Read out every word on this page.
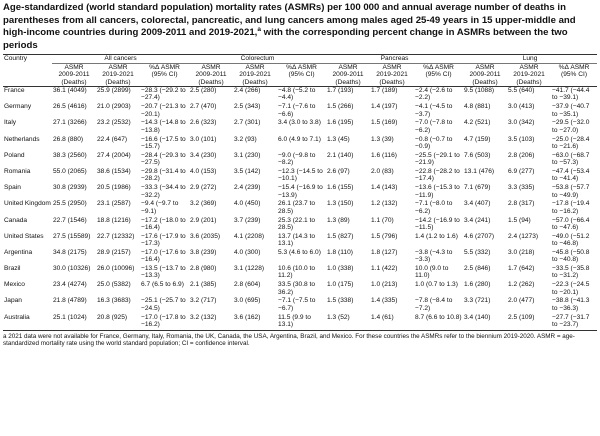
Age-standardized (world standard population) mortality rates (ASMRs) per 100 000 and annual average number of deaths in parentheses from all cancers, colorectal, pancreatic, and lung cancers among males aged 25-49 years in 15 upper-middle and high-income countries during 2009-2011 and 2019-2021,$^a$ with the corresponding percent change in ASMRs between the two periods
Country	All cancers			Colorectum			Pancreas			Lung		
	ASMR	ASMR	%Δ ASMR	ASMR	ASMR	%Δ ASMR	ASMR	ASMR	%Δ ASMR	ASMR	ASMR	%Δ ASMR
	2009-2011	2019-2021	(95% CI)	2009-2011	2019-2021	(95% CI)	2009-2011	2019-2021	(95% CI)	2009-2011	2019-2021	(95% CI)
	(Deaths)	(Deaths)		(Deaths)	(Deaths)		(Deaths)	(Deaths)		(Deaths)	(Deaths)	
France	36.1 (4049)	25.9 (2899)	−28.3 (−29.2 to −27.4)	2.5 (280)	2.4 (266)	−4.8 (−5.2 to −4.4)	1.7 (193)	1.7 (189)	−2.4 (−2.6 to −2.2)	9.5 (1088)	5.5 (640)	−41.7 (−44.4 to −39.1)
Germany	26.5 (4616)	21.0 (2903)	−20.7 (−21.3 to −20.1)	2.7 (470)	2.5 (343)	−7.1 (−7.6 to −6.6)	1.5 (266)	1.4 (197)	−4.1 (−4.5 to −3.7)	4.8 (881)	3.0 (413)	−37.9 (−40.7 to −35.1)
Italy	27.1 (3266)	23.2 (2532)	−14.3 (−14.8 to −13.8)	2.6 (323)	2.7 (301)	3.4 (3.0 to 3.8)	1.6 (195)	1.5 (169)	−7.0 (−7.8 to −6.2)	4.2 (521)	3.0 (342)	−29.5 (−32.0 to −27.0)
Netherlands	26.8 (880)	22.4 (647)	−16.6 (−17.5 to −15.7)	3.0 (101)	3.2 (93)	6.0 (4.9 to 7.1)	1.3 (45)	1.3 (39)	−0.8 (−0.7 to −0.9)	4.7 (159)	3.5 (103)	−25.0 (−28.4 to −21.6)
Poland	38.3 (2560)	27.4 (2004)	−28.4 (−29.3 to −27.5)	3.4 (230)	3.1 (230)	−9.0 (−9.8 to −8.2)	2.1 (140)	1.6 (116)	−25.5 (−29.1 to −21.9)	7.6 (503)	2.8 (206)	−63.0 (−68.7 to −57.3)
Romania	55.0 (2065)	38.6 (1534)	−29.8 (−31.4 to −28.2)	4.0 (153)	3.5 (142)	−12.3 (−14.5 to −10.1)	2.6 (97)	2.0 (83)	−22.8 (−28.2 to −17.4)	13.1 (476)	6.9 (277)	−47.4 (−53.4 to −41.4)
Spain	30.8 (2939)	20.5 (1986)	−33.3 (−34.4 to −32.2)	2.9 (272)	2.4 (239)	−15.4 (−16.9 to −13.9)	1.6 (155)	1.4 (143)	−13.6 (−15.3 to −11.9)	7.1 (679)	3.3 (335)	−53.8 (−57.7 to −49.9)
United Kingdom	25.5 (2950)	23.1 (2587)	−9.4 (−9.7 to −9.1)	3.2 (369)	4.0 (450)	26.1 (23.7 to 28.5)	1.3 (150)	1.2 (132)	−7.1 (−8.0 to −6.2)	3.4 (407)	2.8 (317)	−17.8 (−19.4 to −16.2)
Canada	22.7 (1546)	18.8 (1216)	−17.2 (−18.0 to −16.4)	2.9 (201)	3.7 (239)	25.3 (22.1 to 28.5)	1.3 (89)	1.1 (70)	−14.2 (−16.9 to −11.5)	3.4 (241)	1.5 (94)	−57.0 (−66.4 to −47.6)
United States	27.5 (15589)	22.7 (12332)	−17.6 (−17.9 to −17.3)	3.6 (2035)	4.1 (2208)	13.7 (14.3 to 13.1)	1.5 (827)	1.5 (796)	1.4 (1.2 to 1.6)	4.6 (2707)	2.4 (1273)	−49.0 (−51.2 to −46.8)
Argentina	34.8 (2175)	28.9 (2157)	−17.0 (−17.6 to −16.4)	3.8 (239)	4.0 (300)	5.3 (4.6 to 6.0)	1.8 (110)	1.8 (127)	−3.8 (−4.3 to −3.3)	5.5 (332)	3.0 (218)	−45.8 (−50.8 to −40.8)
Brazil	30.0 (10326)	26.0 (10096)	−13.5 (−13.7 to −13.3)	2.8 (980)	3.1 (1228)	10.6 (10.0 to 11.2)	1.0 (338)	1.1 (422)	10.0 (9.0 to 11.0)	2.5 (846)	1.7 (642)	−33.5 (−35.8 to −31.2)
Mexico	23.4 (4274)	25.0 (5382)	6.7 (6.5 to 6.9)	2.1 (385)	2.8 (604)	33.5 (30.8 to 36.2)	1.0 (175)	1.0 (213)	1.0 (0.7 to 1.3)	1.6 (280)	1.2 (262)	−22.3 (−24.5 to −20.1)
Japan	21.8 (4789)	16.3 (3683)	−25.1 (−25.7 to −24.5)	3.2 (717)	3.0 (695)	−7.1 (−7.5 to −6.7)	1.5 (338)	1.4 (335)	−7.8 (−8.4 to −7.2)	3.3 (721)	2.0 (477)	−38.8 (−41.3 to −36.3)
Australia	25.1 (1024)	20.8 (925)	−17.0 (−17.8 to −16.2)	3.2 (132)	3.6 (162)	11.5 (9.9 to 13.1)	1.3 (52)	1.4 (61)	8.7 (6.6 to 10.8)	3.4 (140)	2.5 (109)	−27.7 (−31.7 to −23.7)
a 2021 data were not available for France, Germany, Italy, Romania, the UK, Canada, the USA, Argentina, Brazil, and Mexico. For these countries the ASMRs refer to the biennium 2019-2020. ASMR = age-standardized mortality rate using the world standard population; CI = confidence interval.
